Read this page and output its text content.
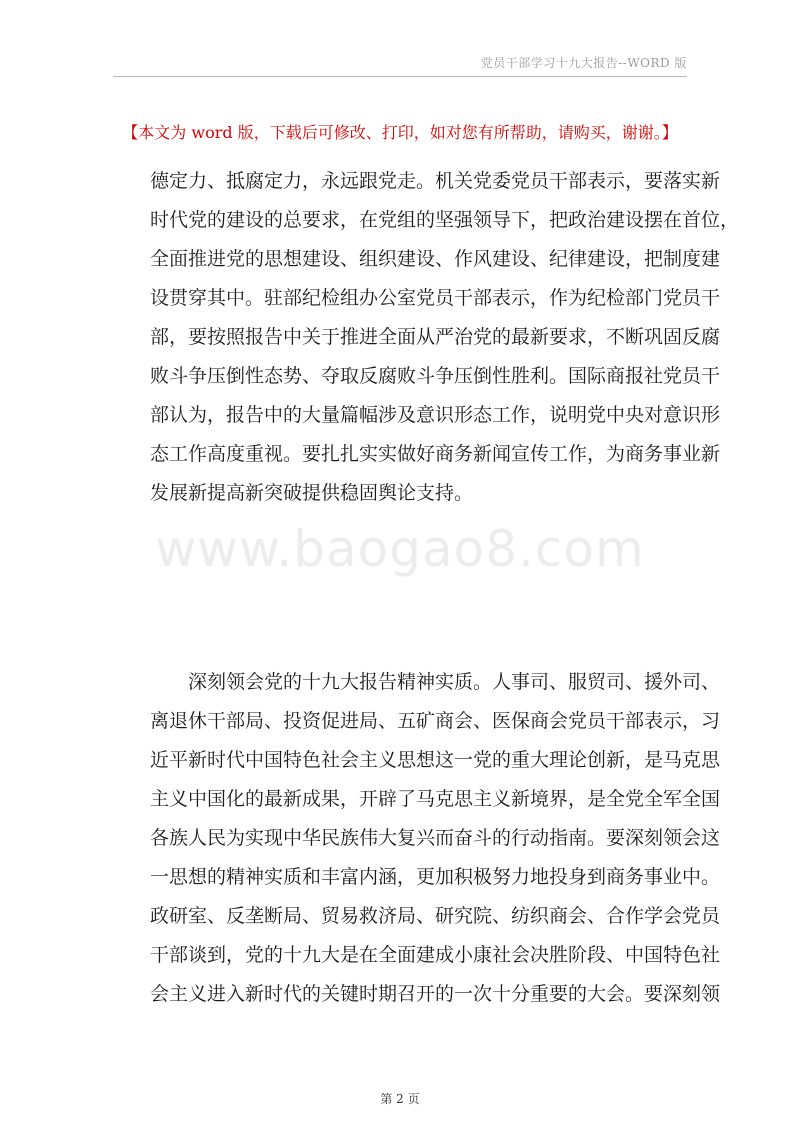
党员干部学习十九大报告--WORD 版
【本文为 word 版，下载后可修改、打印，如对您有所帮助，请购买，谢谢。】
www.baogao8.com
德定力、抵腐定力，永远跟党走。机关党委党员干部表示，要落实新
时代党的建设的总要求，在党组的坚强领导下，把政治建设摆在首位，
全面推进党的思想建设、组织建设、作风建设、纪律建设，把制度建
设贯穿其中。驻部纪检组办公室党员干部表示，作为纪检部门党员干
部，要按照报告中关于推进全面从严治党的最新要求，不断巩固反腐
败斗争压倒性态势、夺取反腐败斗争压倒性胜利。国际商报社党员干
部认为，报告中的大量篇幅涉及意识形态工作，说明党中央对意识形
态工作高度重视。要扎扎实实做好商务新闻宣传工作，为商务事业新
发展新提高新突破提供稳固舆论支持。
　　深刻领会党的十九大报告精神实质。人事司、服贸司、援外司、
离退休干部局、投资促进局、五矿商会、医保商会党员干部表示，习
近平新时代中国特色社会主义思想这一党的重大理论创新，是马克思
主义中国化的最新成果，开辟了马克思主义新境界，是全党全军全国
各族人民为实现中华民族伟大复兴而奋斗的行动指南。要深刻领会这
一思想的精神实质和丰富内涵，更加积极努力地投身到商务事业中。
政研室、反垄断局、贸易救济局、研究院、纺织商会、合作学会党员
干部谈到，党的十九大是在全面建成小康社会决胜阶段、中国特色社
会主义进入新时代的关键时期召开的一次十分重要的大会。要深刻领
第 2 页
